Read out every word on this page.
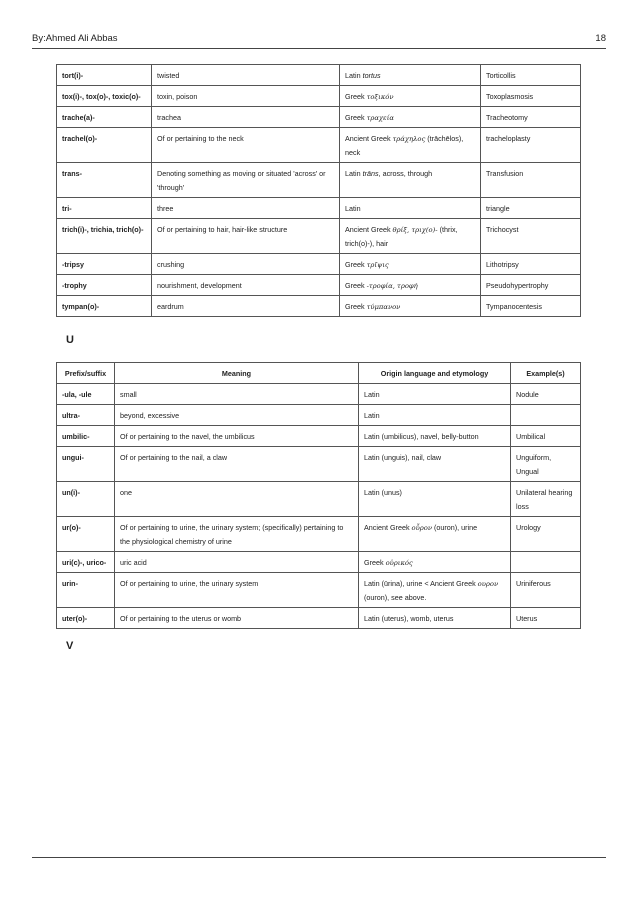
By:Ahmed Ali Abbas	18
tort(i)-	twisted	Latin tortus	Torticollis
tox(i)-, tox(o)-, toxic(o)-	toxin, poison	Greek τοξικόν	Toxoplasmosis
trache(a)-	trachea	Greek τραχεία	Tracheotomy
trachel(o)-	Of or pertaining to the neck	Ancient Greek τράχηλος (trāchēlos), neck	tracheloplasty
trans-	Denoting something as moving or situated 'across' or 'through'	Latin trāns, across, through	Transfusion
tri-	three	Latin	triangle
trich(i)-, trichia, trich(o)-	Of or pertaining to hair, hair-like structure	Ancient Greek θρίξ, τριχ(ο)- (thrix, trich(o)-), hair	Trichocyst
-tripsy	crushing	Greek τρῖψις	Lithotripsy
-trophy	nourishment, development	Greek -τροφία, τροφή	Pseudohypertrophy
tympan(o)-	eardrum	Greek τύμπανον	Tympanocentesis
U
Prefix/suffix	Meaning	Origin language and etymology	Example(s)
-ula, -ule	small	Latin	Nodule
ultra-	beyond, excessive	Latin	
umbilic-	Of or pertaining to the navel, the umbilicus	Latin (umbilicus), navel, belly-button	Umbilical
ungui-	Of or pertaining to the nail, a claw	Latin (unguis), nail, claw	Unguiform, Ungual
un(i)-	one	Latin (unus)	Unilateral hearing loss
ur(o)-	Of or pertaining to urine, the urinary system; (specifically) pertaining to the physiological chemistry of urine	Ancient Greek οὖρον (ouron), urine	Urology
uri(c)-, urico-	uric acid	Greek οὐρικός	
urin-	Of or pertaining to urine, the urinary system	Latin (ūrina), urine < Ancient Greek ουρον (ouron), see above.	Uriniferous
uter(o)-	Of or pertaining to the uterus or womb	Latin (uterus), womb, uterus	Uterus
V
